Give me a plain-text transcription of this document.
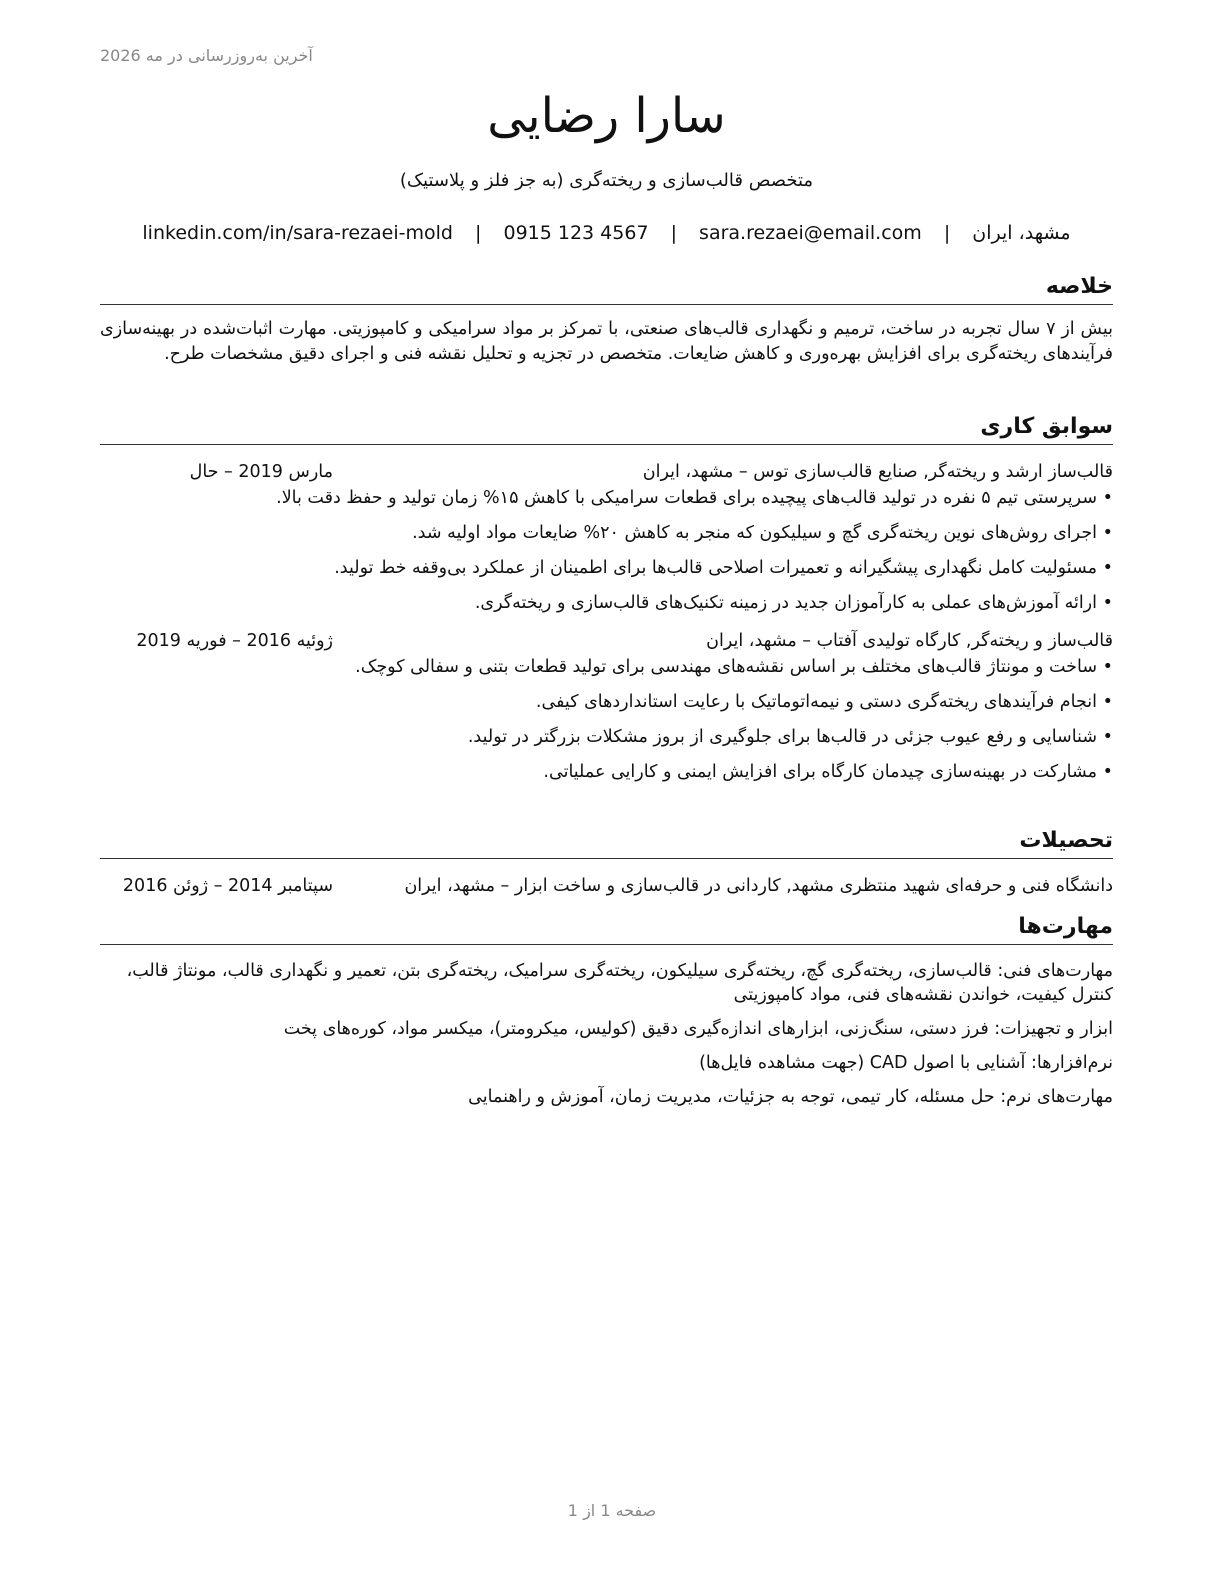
آخرین به‌روزرسانی در مه 2026
سارا رضایی
متخصص قالب‌سازی و ریخته‌گری (به جز فلز و پلاستیک)
مشهد، ایران | sara.rezaei@email.com | 0915 123 4567 | linkedin.com/in/sara-rezaei-mold
خلاصه
بیش از ۷ سال تجربه در ساخت، ترمیم و نگهداری قالب‌های صنعتی، با تمرکز بر مواد سرامیکی و کامپوزیتی. مهارت اثبات‌شده در بهینه‌سازی فرآیندهای ریخته‌گری برای افزایش بهره‌وری و کاهش ضایعات. متخصص در تجزیه و تحلیل نقشه فنی و اجرای دقیق مشخصات طرح.
سوابق کاری
قالب‌ساز ارشد و ریخته‌گر, صنایع قالب‌سازی توس – مشهد، ایران
مارس 2019 – حال
•
سرپرستی تیم ۵ نفره در تولید قالب‌های پیچیده برای قطعات سرامیکی با کاهش ۱۵% زمان تولید و حفظ دقت بالا.
•
اجرای روش‌های نوین ریخته‌گری گچ و سیلیکون که منجر به کاهش ۲۰% ضایعات مواد اولیه شد.
•
مسئولیت کامل نگهداری پیشگیرانه و تعمیرات اصلاحی قالب‌ها برای اطمینان از عملکرد بی‌وقفه خط تولید.
•
ارائه آموزش‌های عملی به کارآموزان جدید در زمینه تکنیک‌های قالب‌سازی و ریخته‌گری.
قالب‌ساز و ریخته‌گر, کارگاه تولیدی آفتاب – مشهد، ایران
ژوئیه 2016 – فوریه 2019
•
ساخت و مونتاژ قالب‌های مختلف بر اساس نقشه‌های مهندسی برای تولید قطعات بتنی و سفالی کوچک.
•
انجام فرآیندهای ریخته‌گری دستی و نیمه‌اتوماتیک با رعایت استانداردهای کیفی.
•
شناسایی و رفع عیوب جزئی در قالب‌ها برای جلوگیری از بروز مشکلات بزرگتر در تولید.
•
مشارکت در بهینه‌سازی چیدمان کارگاه برای افزایش ایمنی و کارایی عملیاتی.
تحصیلات
دانشگاه فنی و حرفه‌ای شهید منتظری مشهد, کاردانی در قالب‌سازی و ساخت ابزار – مشهد، ایران
سپتامبر 2014 – ژوئن 2016
مهارت‌ها
مهارت‌های فنی: قالب‌سازی، ریخته‌گری گچ، ریخته‌گری سیلیکون، ریخته‌گری سرامیک، ریخته‌گری بتن، تعمیر و نگهداری قالب، مونتاژ قالب، کنترل کیفیت، خواندن نقشه‌های فنی، مواد کامپوزیتی
ابزار و تجهیزات: فرز دستی، سنگ‌زنی، ابزارهای اندازه‌گیری دقیق (کولیس، میکرومتر)، میکسر مواد، کوره‌های پخت
نرم‌افزارها: آشنایی با اصول CAD (جهت مشاهده فایل‌ها)
مهارت‌های نرم: حل مسئله، کار تیمی، توجه به جزئیات، مدیریت زمان، آموزش و راهنمایی
صفحه 1 از 1
